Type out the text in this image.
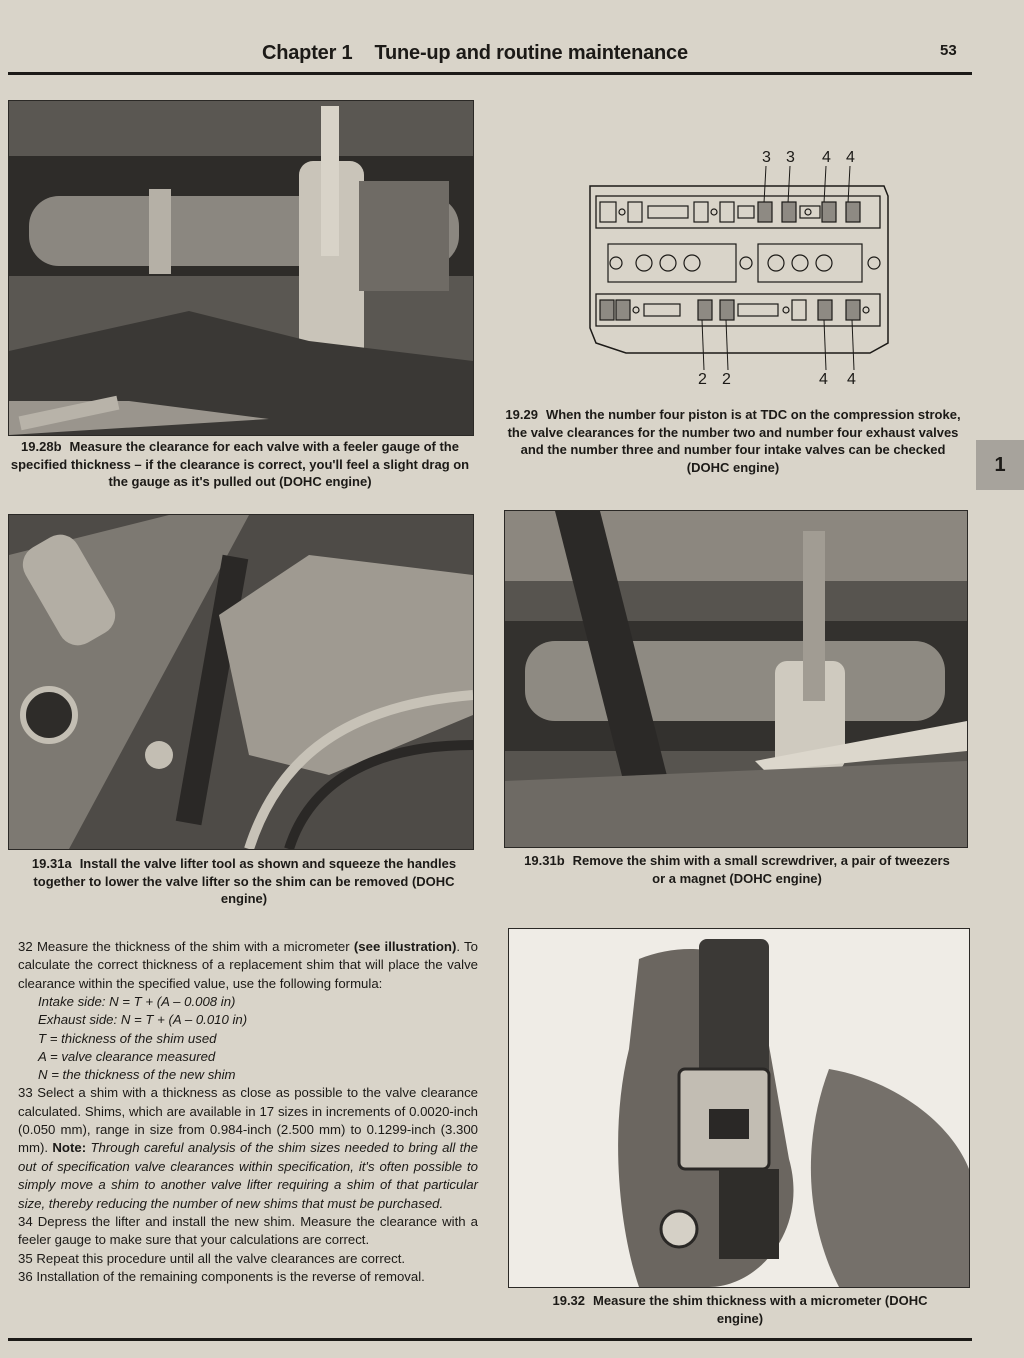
Chapter 1 Tune-up and routine maintenance	53
1
19.28b Measure the clearance for each valve with a feeler gauge of the specified thickness – if the clearance is correct, you'll feel a slight drag on the gauge as it's pulled out (DOHC engine)
3 3 4 4
2 2	4 4
19.29 When the number four piston is at TDC on the compression stroke, the valve clearances for the number two and number four exhaust valves and the number three and number four intake valves can be checked (DOHC engine)
19.31a Install the valve lifter tool as shown and squeeze the handles together to lower the valve lifter so the shim can be removed (DOHC engine)
19.31b Remove the shim with a small screwdriver, a pair of tweezers or a magnet (DOHC engine)
19.32 Measure the shim thickness with a micrometer (DOHC engine)

32 Measure the thickness of the shim with a micrometer (see illustration). To calculate the correct thickness of a replacement shim that will place the valve clearance within the specified value, use the following formula:

Intake side: N = T + (A – 0.008 in)
Exhaust side: N = T + (A – 0.010 in)
T = thickness of the shim used
A = valve clearance measured
N = the thickness of the new shim

33 Select a shim with a thickness as close as possible to the valve clearance calculated. Shims, which are available in 17 sizes in increments of 0.0020-inch (0.050 mm), range in size from 0.984-inch (2.500 mm) to 0.1299-inch (3.300 mm). Note: Through careful analysis of the shim sizes needed to bring all the out of specification valve clearances within specification, it's often possible to simply move a shim to another valve lifter requiring a shim of that particular size, thereby reducing the number of new shims that must be purchased.

34 Depress the lifter and install the new shim. Measure the clearance with a feeler gauge to make sure that your calculations are correct.

35 Repeat this procedure until all the valve clearances are correct.

36 Installation of the remaining components is the reverse of removal.
